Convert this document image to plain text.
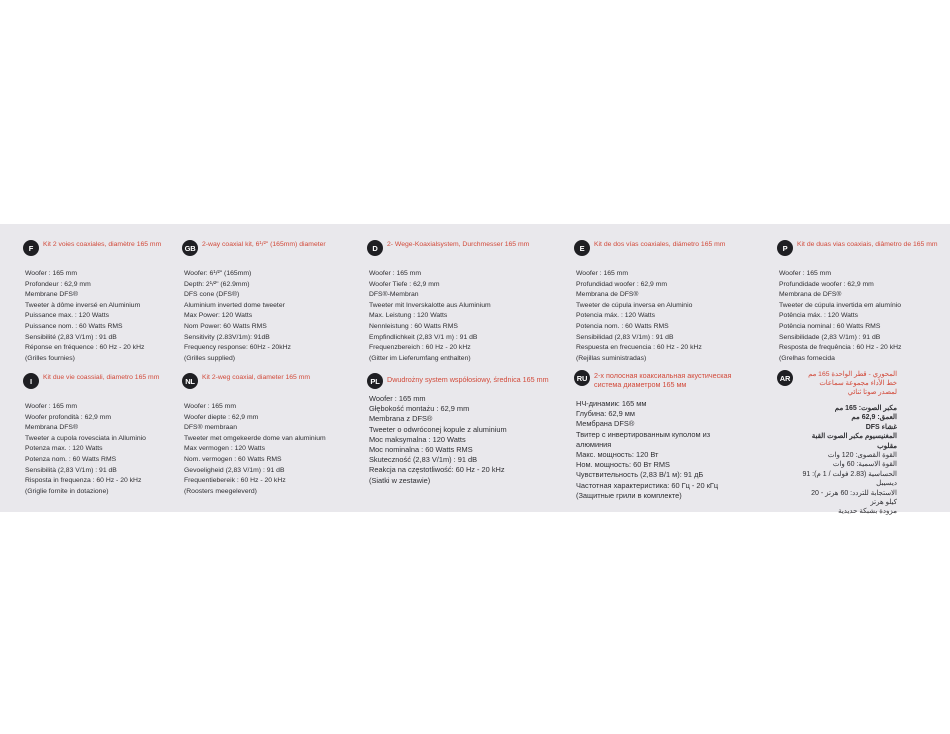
F	Kit 2 voies coaxiales, diamètre 165 mm
Woofer : 165 mm
Profondeur : 62,9 mm
Membrane DFS®
Tweeter à dôme inversé en Aluminium
Puissance max. : 120 Watts
Puissance nom. : 60 Watts RMS
Sensibilité (2,83 V/1m) : 91 dB
Réponse en fréquence : 60 Hz - 20 kHz
(Grilles fournies)
GB 2-way coaxial kit, 6¹/²" (165mm) diameter
Woofer: 6¹/²" (165mm)
Depth: 2¹/²" (62.9mm)
DFS cone (DFS®)
Aluminium inverted dome tweeter
Max Power: 120 Watts
Nom Power: 60 Watts RMS
Sensitivity (2.83V/1m): 91dB
Frequency response: 60Hz - 20kHz
(Grilles supplied)
D	2- Wege-Koaxialsystem, Durchmesser 165 mm
Woofer : 165 mm
Woofer Tiefe : 62,9 mm
DFS®-Membran
Tweeter mit Inverskalotte aus Aluminium
Max. Leistung : 120 Watts
Nennleistung : 60 Watts RMS
Empfindlichkeit (2,83 V/1 m) : 91 dB
Frequenzbereich : 60 Hz - 20 kHz
(Gitter im Lieferumfang enthalten)
E	Kit de dos vías coaxiales, diámetro 165 mm
Woofer : 165 mm
Profundidad woofer : 62,9 mm
Membrana de DFS®
Tweeter de cúpula inversa en Aluminio
Potencia máx. : 120 Watts
Potencia nom. : 60 Watts RMS
Sensibilidad (2,83 V/1m) : 91 dB
Respuesta en frecuencia : 60 Hz - 20 kHz
(Rejillas suministradas)
P	Kit de duas vias coaxiais, diâmetro de 165 mm
Woofer : 165 mm
Profundidade woofer : 62,9 mm
Membrana de DFS®
Tweeter de cúpula invertida em alumínio
Potência máx. : 120 Watts
Potência nominal : 60 Watts RMS
Sensibilidade (2,83 V/1m) : 91 dB
Resposta de frequência : 60 Hz - 20 kHz
(Grelhas fornecida
I	Kit due vie coassiali, diametro 165 mm
Woofer : 165 mm
Woofer profondità : 62,9 mm
Membrana DFS®
Tweeter a cupola rovesciata in Alluminio
Potenza max. : 120 Watts
Potenza nom. : 60 Watts RMS
Sensibilità (2,83 V/1m) : 91 dB
Risposta in frequenza : 60 Hz - 20 kHz
(Griglie fornite in dotazione)
NL	Kit 2-weg coaxial, diameter 165 mm
Woofer : 165 mm
Woofer diepte : 62,9 mm
DFS® membraan
Tweeter met omgekeerde dome van aluminium
Max vermogen : 120 Watts
Nom. vermogen : 60 Watts RMS
Gevoeligheid (2,83 V/1m) : 91 dB
Frequentiebereik : 60 Hz - 20 kHz
(Roosters meegeleverd)
PL	Dwudrożny system współosiowy, średnica 165 mm
Woofer : 165 mm
Głębokość montażu : 62,9 mm
Membrana z DFS®
Tweeter o odwróconej kopule z aluminium
Moc maksymalna : 120 Watts
Moc nominalna : 60 Watts RMS
Skuteczność (2,83 V/1m) : 91 dB
Reakcja na częstotliwość: 60 Hz - 20 kHz
(Siatki w zestawie)
RU 2-х полосная коаксиальная акустическая система диаметром 165 мм
НЧ-динамик: 165 мм
Глубина: 62,9 мм
Мембрана DFS®
Твитер с инвертированным куполом из
алюминия
Макс. мощность: 120 Вт
Ном. мощность: 60 Вт RMS
Чувствительность (2,83 В/1 м): 91 дБ
Частотная характеристика: 60 Гц - 20 кГц
(Защитные грили в комплекте)
AR	المحوري - قطر الواحدة 165 مم خط الأداء مجموعة سماعات لمصدر صوتا ثنائي
مكبر الصوت: 165 مم
العمق: 62,9 مم
غشاء DFS
المغنيسيوم مكبر الصوت القبة مقلوب
القوة القصوى: 120 وات
القوة الاسمية: 60 وات
الحساسية (2.83 فولت / 1 م): 91 ديسيبل
الاستجابة للتردد: 60 هرتز - 20 كيلو هرتز
مزودة بشبكة حديدية
